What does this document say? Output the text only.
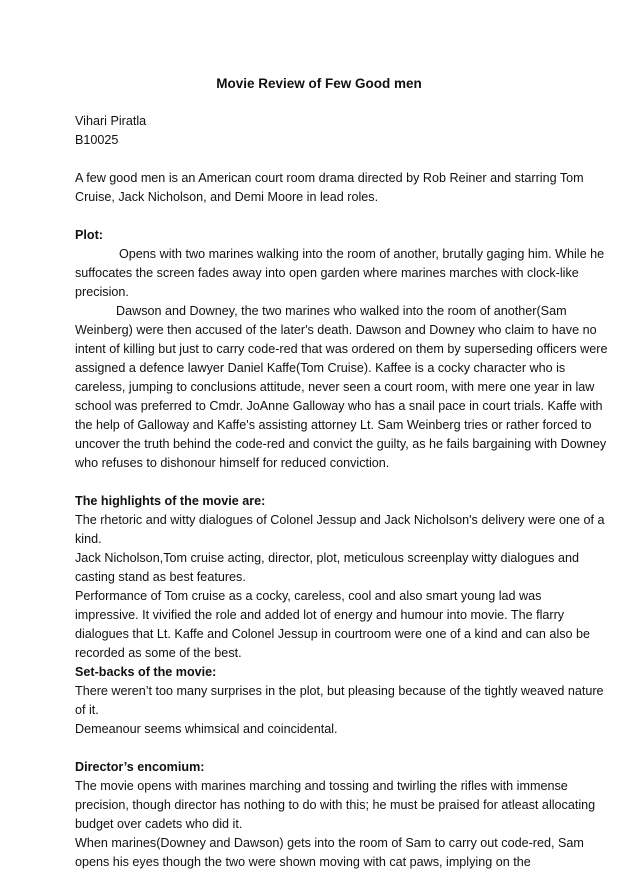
Movie Review of Few Good men
Vihari Piratla
B10025
A few good men is an American court room drama directed by Rob Reiner and starring Tom
Cruise, Jack Nicholson, and Demi Moore in lead roles.
Plot:
Opens with two marines walking into the room of another, brutally gaging him. While he
suffocates the screen fades away into open garden where marines marches with clock-like
precision.
Dawson and Downey, the two marines who walked into the room of another(Sam
Weinberg) were then accused of the later's death. Dawson and Downey who claim to have no
intent of killing but just to carry code-red that was ordered on them by superseding officers were
assigned a defence lawyer Daniel Kaffe(Tom Cruise). Kaffee is a cocky character who is
careless, jumping to conclusions attitude, never seen a court room, with mere one year in law
school was preferred to Cmdr. JoAnne Galloway who has a snail pace in court trials. Kaffe with
the help of Galloway and Kaffe's assisting attorney Lt. Sam Weinberg tries or rather forced to
uncover the truth behind the code-red and convict the guilty, as he fails bargaining with Downey
who refuses to dishonour himself for reduced conviction.
The highlights of the movie are:
The rhetoric and witty dialogues of Colonel Jessup and Jack Nicholson's delivery were one of a
kind.
Jack Nicholson,Tom cruise acting, director, plot, meticulous screenplay witty dialogues and
casting stand as best features.
Performance of Tom cruise as a cocky, careless, cool and also smart young lad was
impressive. It vivified the role and added lot of energy and humour into movie. The flarry
dialogues that Lt. Kaffe and Colonel Jessup in courtroom were one of a kind and can also be
recorded as some of the best.
Set-backs of the movie:
There weren’t too many surprises in the plot, but pleasing because of the tightly weaved nature
of it.
Demeanour seems whimsical and coincidental.
Director’s encomium:
The movie opens with marines marching and tossing and twirling the rifles with immense
precision, though director has nothing to do with this; he must be praised for atleast allocating
budget over cadets who did it.
When marines(Downey and Dawson) gets into the room of Sam to carry out code-red, Sam
opens his eyes though the two were shown moving with cat paws, implying on the
